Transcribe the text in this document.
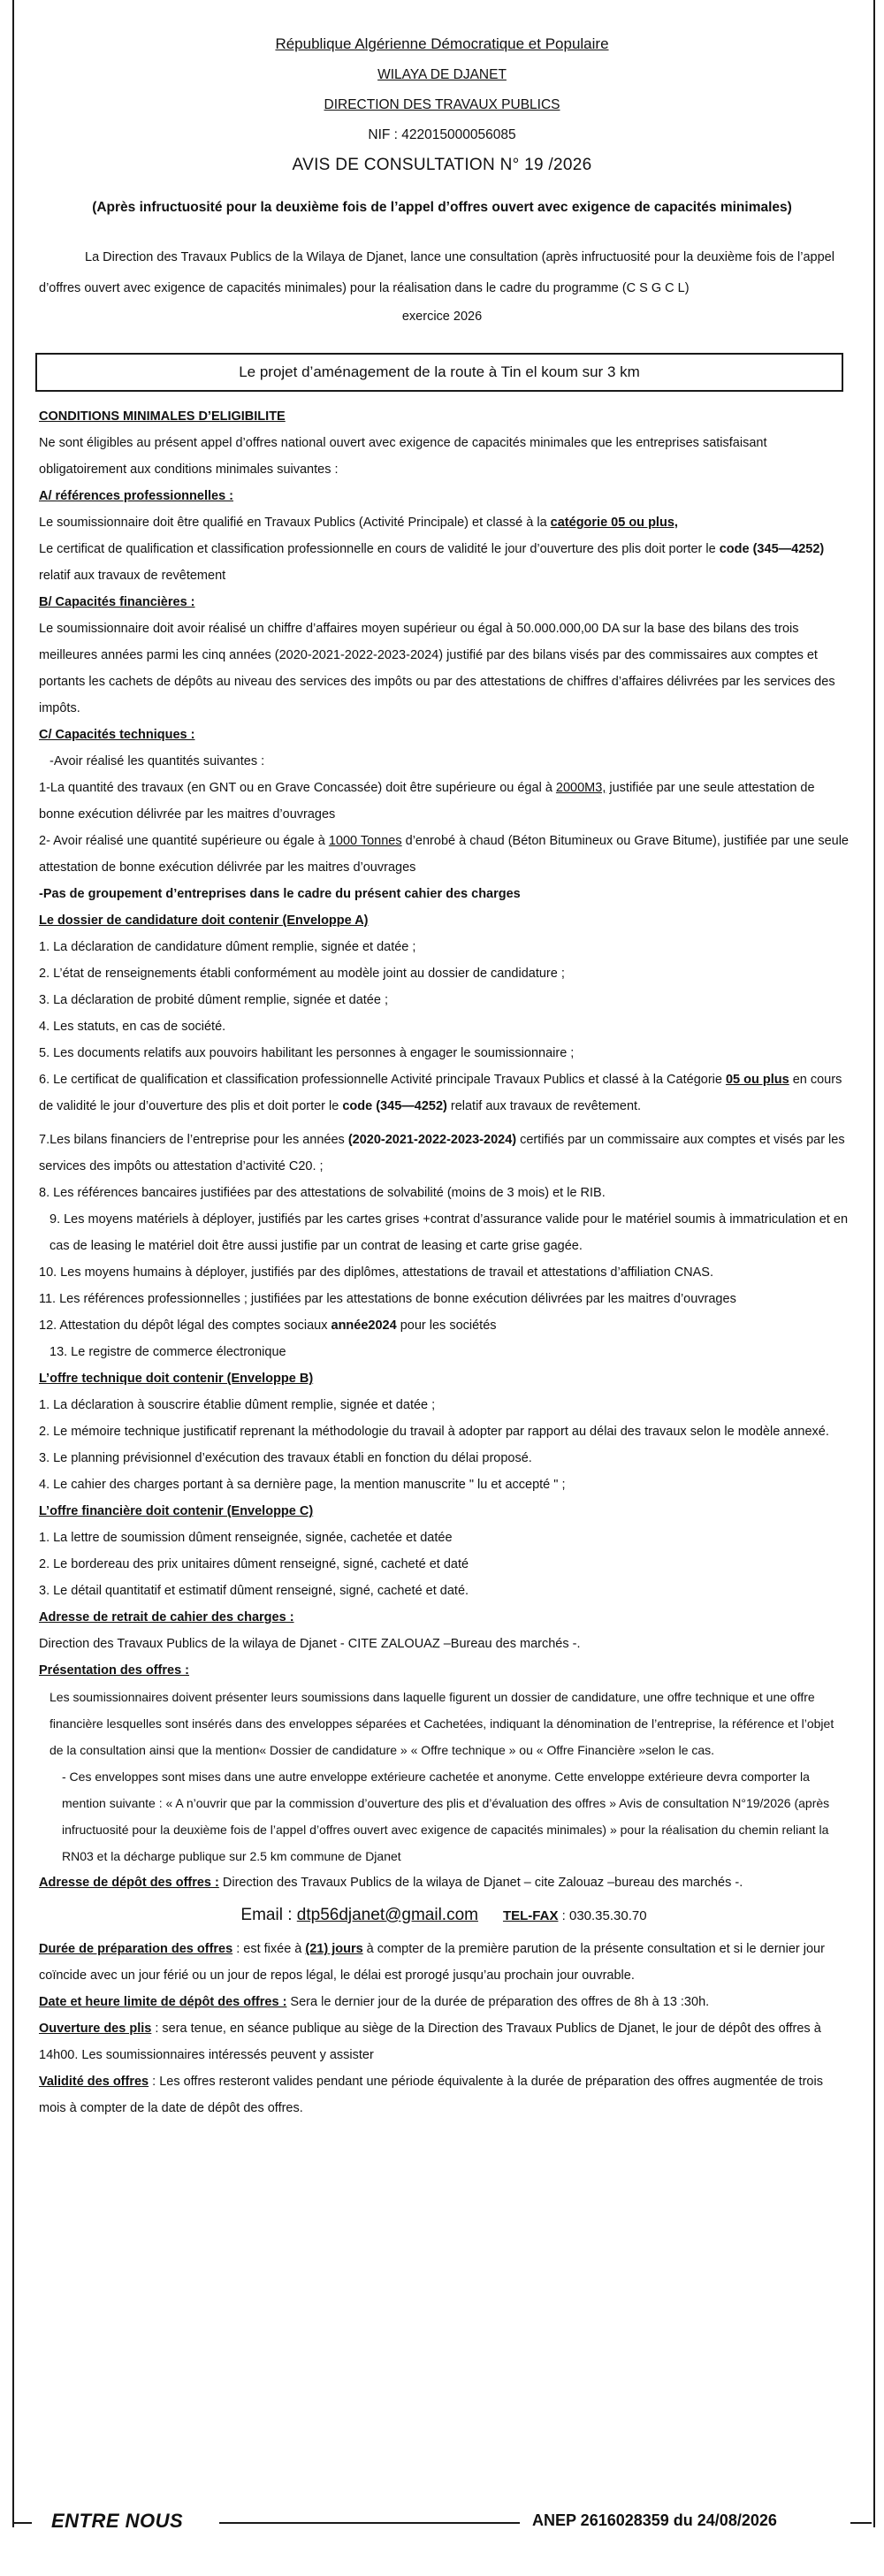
République Algérienne Démocratique et Populaire
WILAYA DE DJANET
DIRECTION DES TRAVAUX PUBLICS
NIF : 422015000056085
AVIS DE CONSULTATION N° 19 /2026
(Après infructuosité pour la deuxième fois de l’appel d’offres ouvert avec exigence de capacités minimales)
La Direction des Travaux Publics de la Wilaya de Djanet, lance une consultation (après infructuosité pour la deuxième fois de l’appel d’offres ouvert avec exigence de capacités minimales) pour la réalisation dans le cadre du programme (C S G C L)
exercice 2026
Le projet d’aménagement de la route à Tin el koum sur 3 km

CONDITIONS MINIMALES D’ELIGIBILITE

Ne sont éligibles au présent appel d’offres national ouvert avec exigence de capacités minimales que les entreprises satisfaisant obligatoirement aux conditions minimales suivantes :

A/ références professionnelles :

Le soumissionnaire doit être qualifié en Travaux Publics (Activité Principale) et classé à la catégorie 05 ou plus,

Le certificat de qualification et classification professionnelle en cours de validité le jour d’ouverture des plis doit porter le code (345—4252) relatif aux travaux de revêtement

B/ Capacités financières :

Le soumissionnaire doit avoir réalisé un chiffre d’affaires moyen supérieur ou égal à 50.000.000,00 DA sur la base des bilans des trois meilleures années parmi les cinq années (2020-2021-2022-2023-2024) justifié par des bilans visés par des commissaires aux comptes et portants les cachets de dépôts au niveau des services des impôts ou par des attestations de chiffres d’affaires délivrées par les services des impôts.

C/ Capacités techniques :

-Avoir réalisé les quantités suivantes :

1-La quantité des travaux (en GNT ou en Grave Concassée) doit être supérieure ou égal à 2000M3, justifiée par une seule attestation de bonne exécution délivrée par les maitres d’ouvrages

2- Avoir réalisé une quantité supérieure ou égale à 1000 Tonnes d’enrobé à chaud (Béton Bitumineux ou Grave Bitume), justifiée par une seule attestation de bonne exécution délivrée par les maitres d’ouvrages

-Pas de groupement d’entreprises dans le cadre du présent cahier des charges

Le dossier de candidature doit contenir (Enveloppe A)

1. La déclaration de candidature dûment remplie, signée et datée ;

2. L’état de renseignements établi conformément au modèle joint au dossier de candidature ;

3. La déclaration de probité dûment remplie, signée et datée ;

4. Les statuts, en cas de société.

5. Les documents relatifs aux pouvoirs habilitant les personnes à engager le soumissionnaire ;

6. Le certificat de qualification et classification professionnelle Activité principale Travaux Publics et classé à la Catégorie 05 ou plus en cours de validité le jour d’ouverture des plis et doit porter le code (345—4252) relatif aux travaux de revêtement.

7.Les bilans financiers de l’entreprise pour les années (2020-2021-2022-2023-2024) certifiés par un commissaire aux comptes et visés par les services des impôts ou attestation d’activité C20. ;

8. Les références bancaires justifiées par des attestations de solvabilité (moins de 3 mois) et le RIB.

9. Les moyens matériels à déployer, justifiés par les cartes grises +contrat d’assurance valide pour le matériel soumis à immatriculation et en cas de leasing le matériel doit être aussi justifie par un contrat de leasing et carte grise gagée.

10. Les moyens humains à déployer, justifiés par des diplômes, attestations de travail et attestations d’affiliation CNAS.

11. Les références professionnelles ; justifiées par les attestations de bonne exécution délivrées par les maitres d’ouvrages

12. Attestation du dépôt légal des comptes sociaux année2024 pour les sociétés

13. Le registre de commerce électronique

L’offre technique doit contenir (Enveloppe B)

1. La déclaration à souscrire établie dûment remplie, signée et datée ;

2. Le mémoire technique justificatif reprenant la méthodologie du travail à adopter par rapport au délai des travaux selon le modèle annexé.

3. Le planning prévisionnel d’exécution des travaux établi en fonction du délai proposé.

4. Le cahier des charges portant à sa dernière page, la mention manuscrite " lu et accepté " ;

L’offre financière doit contenir (Enveloppe C)

1. La lettre de soumission dûment renseignée, signée, cachetée et datée

2. Le bordereau des prix unitaires dûment renseigné, signé, cacheté et daté

3. Le détail quantitatif et estimatif dûment renseigné, signé, cacheté et daté.

Adresse de retrait de cahier des charges :

Direction des Travaux Publics de la wilaya de Djanet - CITE ZALOUAZ –Bureau des marchés -.

Présentation des offres :

Les soumissionnaires doivent présenter leurs soumissions dans laquelle figurent un dossier de candidature, une offre technique et une offre financière lesquelles sont insérés dans des enveloppes séparées et Cachetées, indiquant la dénomination de l’entreprise, la référence et l’objet de la consultation ainsi que la mention« Dossier de candidature » « Offre technique » ou « Offre Financière »selon le cas.

- Ces enveloppes sont mises dans une autre enveloppe extérieure cachetée et anonyme. Cette enveloppe extérieure devra comporter la mention suivante : « A n’ouvrir que par la commission d’ouverture des plis et d’évaluation des offres » Avis de consultation N°19/2026 (après infructuosité pour la deuxième fois de l’appel d’offres ouvert avec exigence de capacités minimales) » pour la réalisation du chemin reliant la RN03 et la décharge publique sur 2.5 km commune de Djanet

Adresse de dépôt des offres : Direction des Travaux Publics de la wilaya de Djanet – cite Zalouaz –bureau des marchés -.

Email : dtp56djanet@gmail.com TEL-FAX : 030.35.30.70

Durée de préparation des offres : est fixée à (21) jours à compter de la première parution de la présente consultation et si le dernier jour coïncide avec un jour férié ou un jour de repos légal, le délai est prorogé jusqu’au prochain jour ouvrable.

Date et heure limite de dépôt des offres : Sera le dernier jour de la durée de préparation des offres de 8h à 13 :30h.

Ouverture des plis : sera tenue, en séance publique au siège de la Direction des Travaux Publics de Djanet, le jour de dépôt des offres à 14h00. Les soumissionnaires intéressés peuvent y assister

Validité des offres : Les offres resteront valides pendant une période équivalente à la durée de préparation des offres augmentée de trois mois à compter de la date de dépôt des offres.

ENTRE NOUS	ANEP 2616028359 du 24/08/2026
